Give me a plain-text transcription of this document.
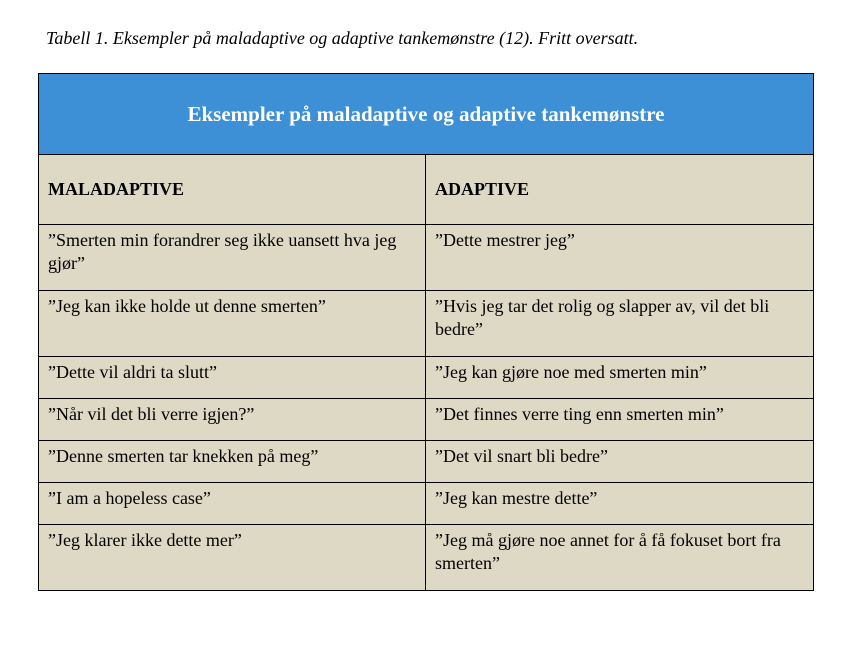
Tabell 1. Eksempler på maladaptive og adaptive tankemønstre (12). Fritt oversatt.
Eksempler på maladaptive og adaptive tankemønstre	
MALADAPTIVE	ADAPTIVE
”Smerten min forandrer seg ikke uansett hva jeg gjør”	”Dette mestrer jeg”
”Jeg kan ikke holde ut denne smerten”	”Hvis jeg tar det rolig og slapper av, vil det bli bedre”
”Dette vil aldri ta slutt”	”Jeg kan gjøre noe med smerten min”
”Når vil det bli verre igjen?”	”Det finnes verre ting enn smerten min”
”Denne smerten tar knekken på meg”	”Det vil snart bli bedre”
”I am a hopeless case”	”Jeg kan mestre dette”
”Jeg klarer ikke dette mer”	”Jeg må gjøre noe annet for å få fokuset bort fra smerten”
